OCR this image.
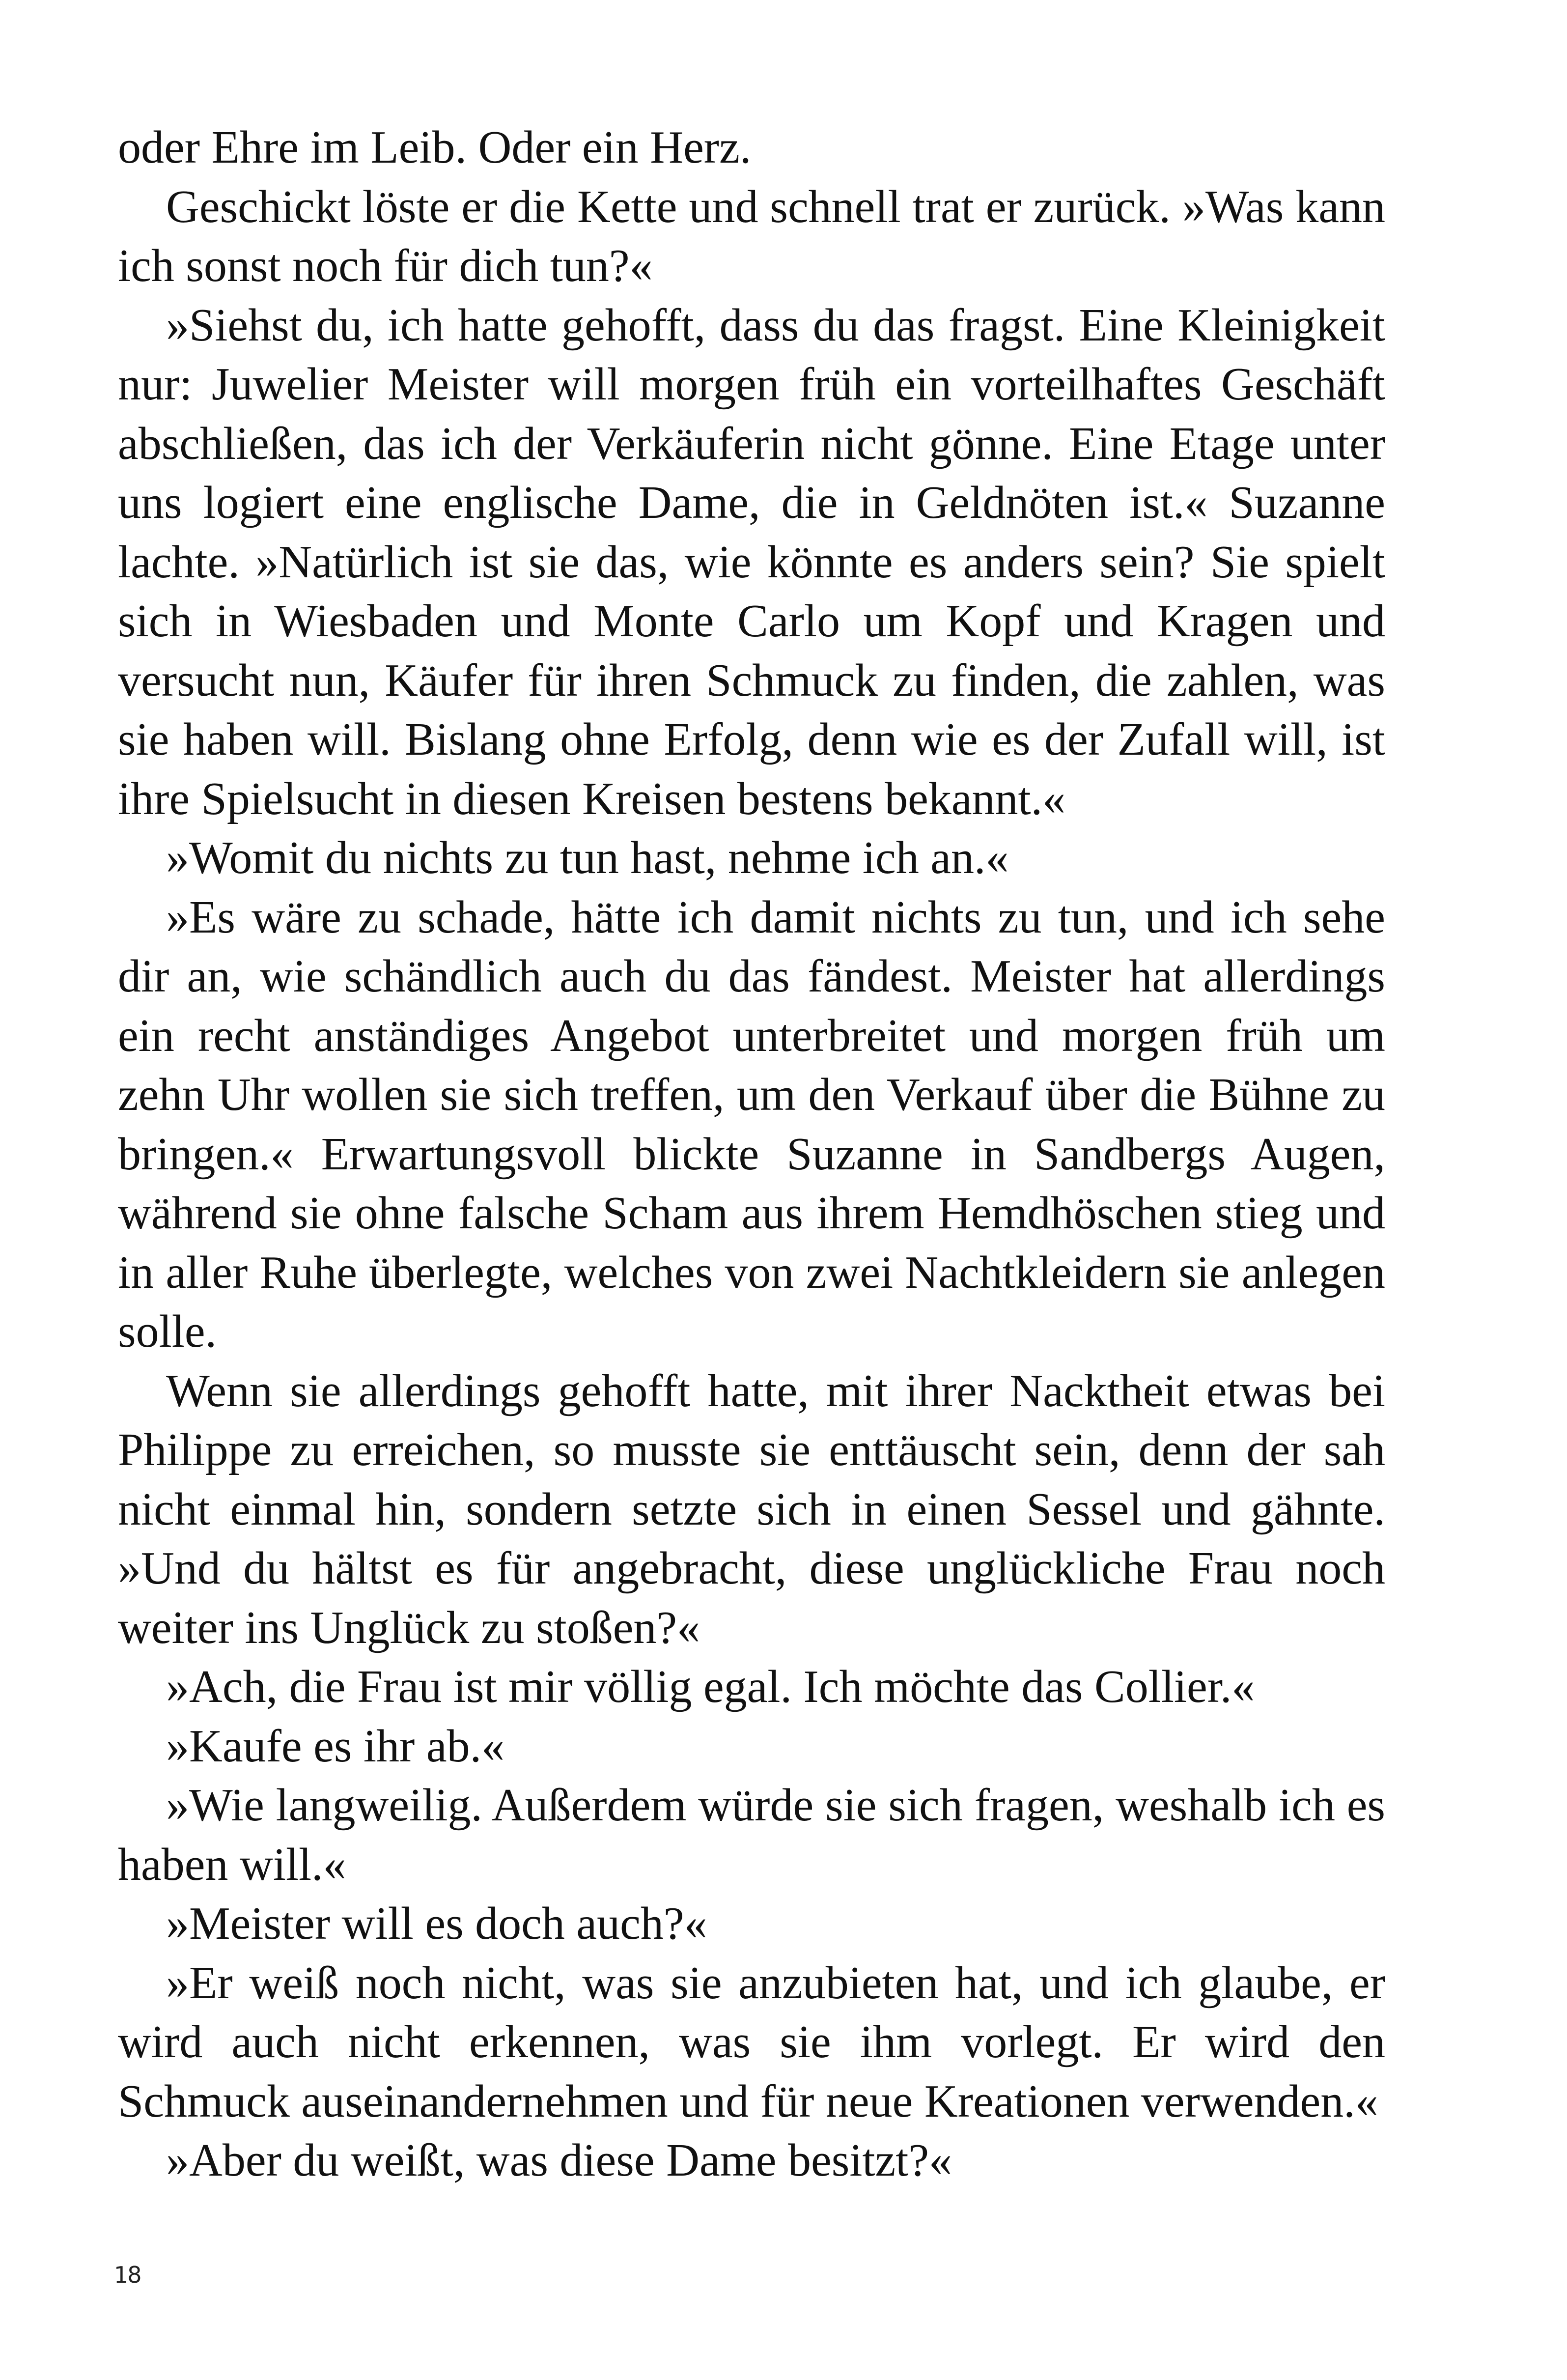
oder Ehre im Leib. Oder ein Herz.

Geschickt löste er die Kette und schnell trat er zurück. »Was kann ich sonst noch für dich tun?«

»Siehst du, ich hatte gehofft, dass du das fragst. Eine Kleinigkeit nur: Juwelier Meister will morgen früh ein vorteilhaftes Geschäft abschließen, das ich der Verkäuferin nicht gönne. Eine Etage unter uns logiert eine englische Dame, die in Geldnöten ist.« Suzanne lachte. »Natürlich ist sie das, wie könnte es anders sein? Sie spielt sich in Wiesbaden und Monte Carlo um Kopf und Kragen und versucht nun, Käufer für ihren Schmuck zu finden, die zahlen, was sie haben will. Bislang ohne Erfolg, denn wie es der Zufall will, ist ihre Spielsucht in diesen Kreisen bestens bekannt.«

»Womit du nichts zu tun hast, nehme ich an.«

»Es wäre zu schade, hätte ich damit nichts zu tun, und ich sehe dir an, wie schändlich auch du das fändest. Meister hat allerdings ein recht anständiges Angebot unterbreitet und morgen früh um zehn Uhr wollen sie sich treffen, um den Verkauf über die Bühne zu bringen.« Erwartungsvoll blickte Suzanne in Sandbergs Augen, während sie ohne falsche Scham aus ihrem Hemdhöschen stieg und in aller Ruhe überlegte, welches von zwei Nachtkleidern sie anlegen solle.

Wenn sie allerdings gehofft hatte, mit ihrer Nacktheit etwas bei Philippe zu erreichen, so musste sie enttäuscht sein, denn der sah nicht einmal hin, sondern setzte sich in einen Sessel und gähnte. »Und du hältst es für angebracht, diese unglückliche Frau noch weiter ins Unglück zu stoßen?«

»Ach, die Frau ist mir völlig egal. Ich möchte das Collier.«

»Kaufe es ihr ab.«

»Wie langweilig. Außerdem würde sie sich fragen, weshalb ich es haben will.«

»Meister will es doch auch?«

»Er weiß noch nicht, was sie anzubieten hat, und ich glaube, er wird auch nicht erkennen, was sie ihm vorlegt. Er wird den Schmuck auseinandernehmen und für neue Kreationen verwenden.«

»Aber du weißt, was diese Dame besitzt?«

18
